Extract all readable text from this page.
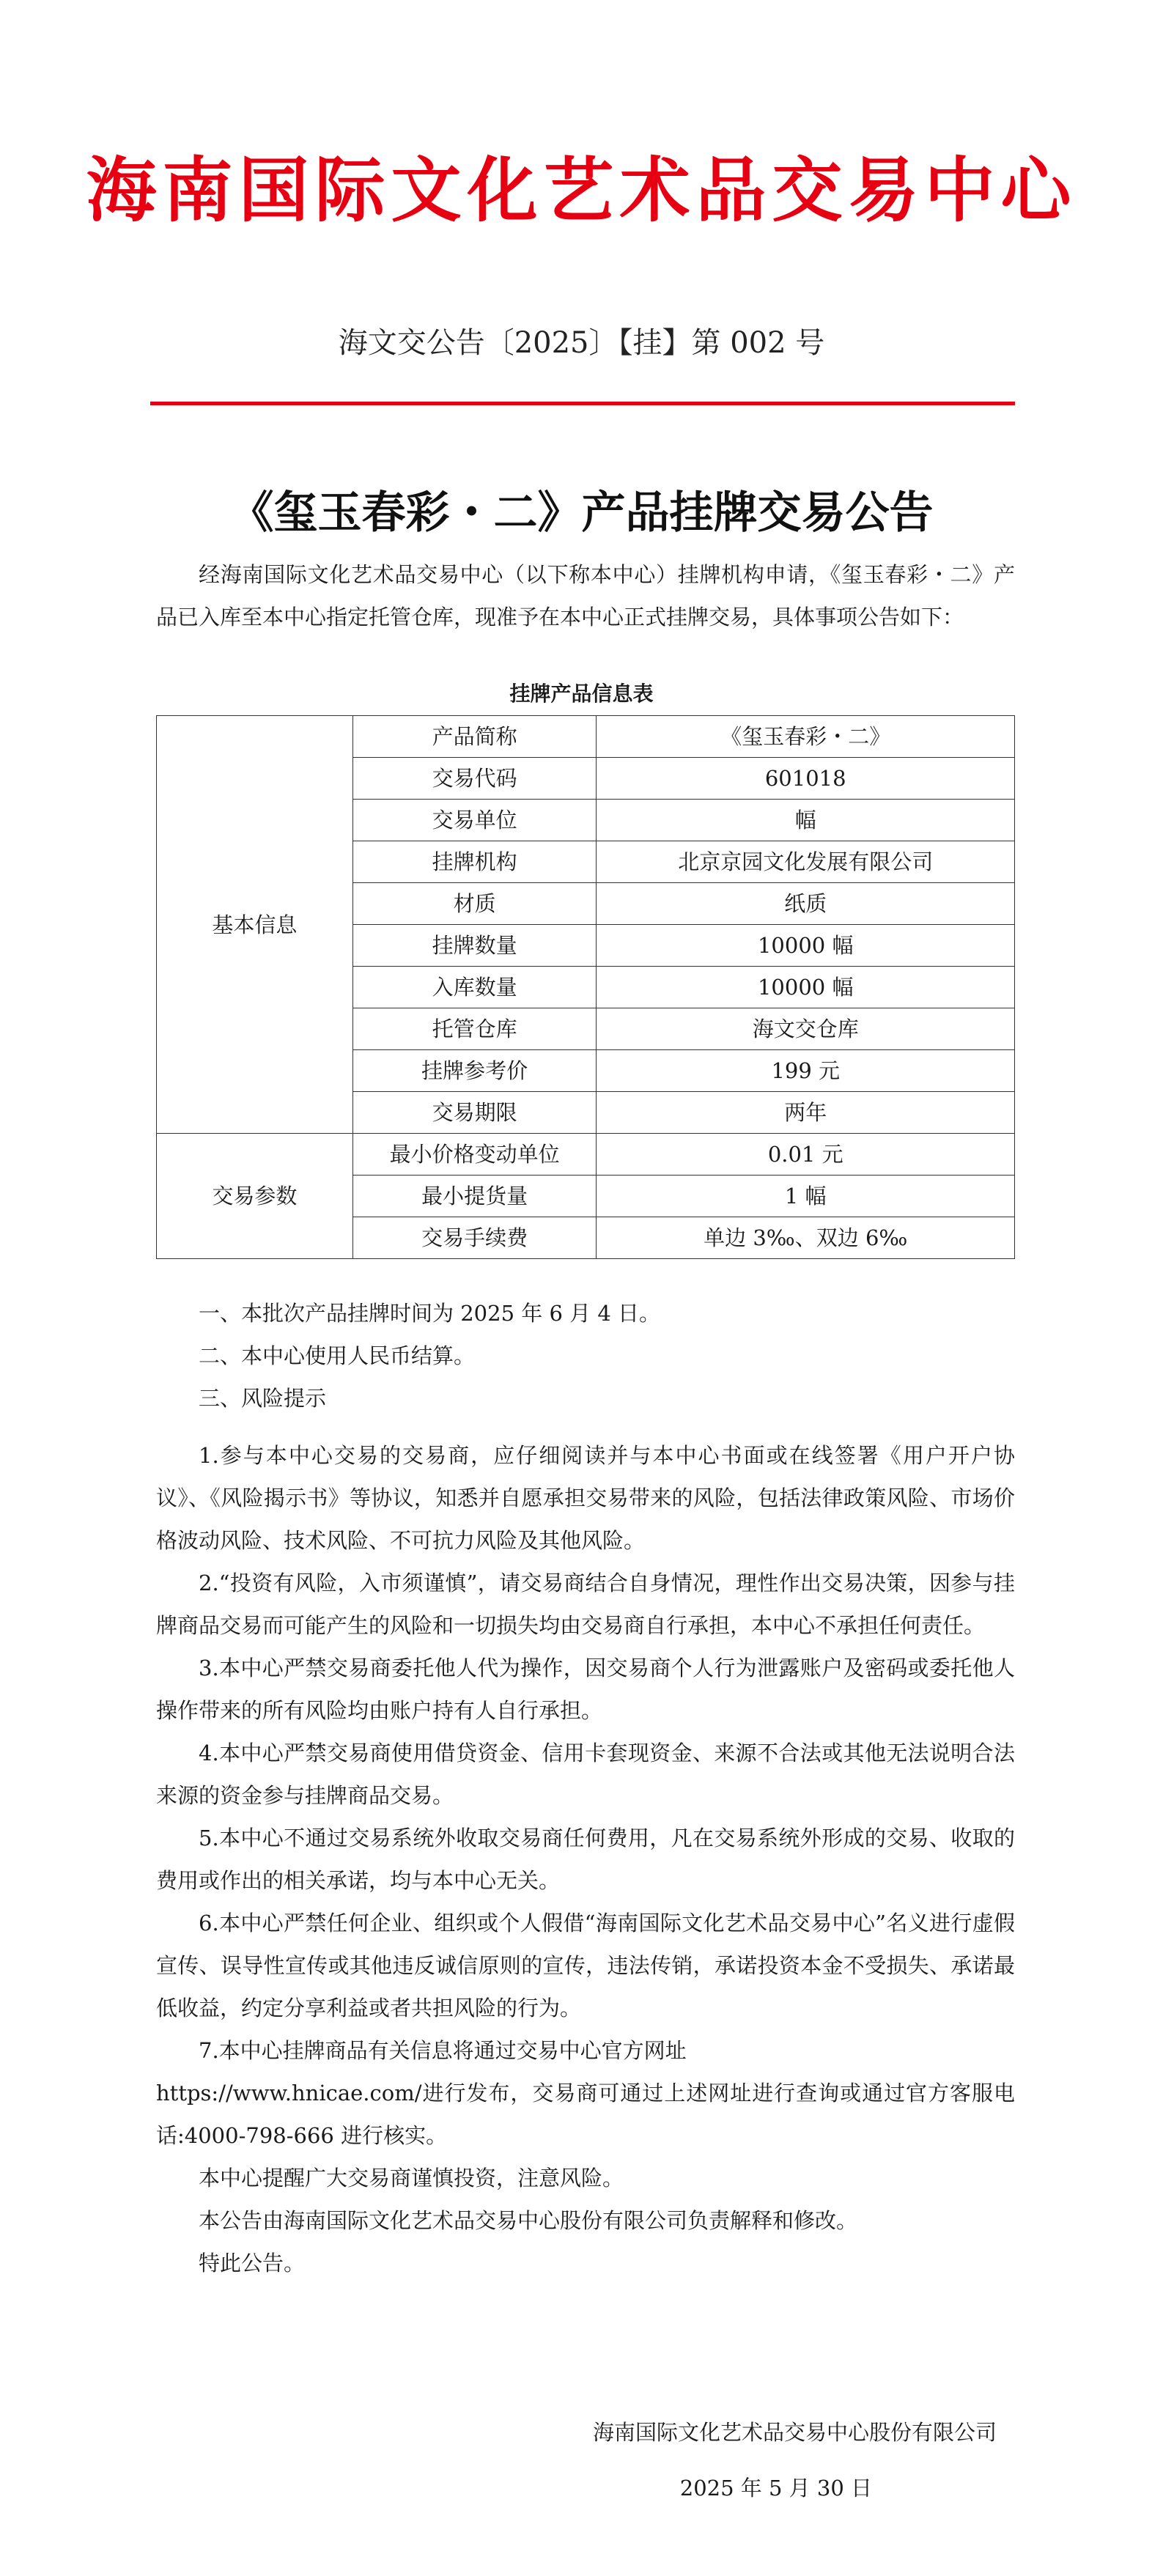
海南国际文化艺术品交易中心
海文交公告〔2025〕【挂】第 002 号
《玺玉春彩・二》产品挂牌交易公告

经海南国际文化艺术品交易中心（以下称本中心）挂牌机构申请，《玺玉春彩・二》产品已入库至本中心指定托管仓库，现准予在本中心正式挂牌交易，具体事项公告如下：

挂牌产品信息表
基本信息	产品简称	《玺玉春彩・二》
	交易代码	601018
	交易单位	幅
	挂牌机构	北京京园文化发展有限公司
	材质	纸质
	挂牌数量	10000 幅
	入库数量	10000 幅
	托管仓库	海文交仓库
	挂牌参考价	199 元
	交易期限	两年
交易参数	最小价格变动单位	0.01 元
	最小提货量	1 幅
	交易手续费	单边 3‰、双边 6‰

一、本批次产品挂牌时间为 2025 年 6 月 4 日。

二、本中心使用人民币结算。

三、风险提示

1.参与本中心交易的交易商，应仔细阅读并与本中心书面或在线签署《用户开户协议》、《风险揭示书》等协议，知悉并自愿承担交易带来的风险，包括法律政策风险、市场价格波动风险、技术风险、不可抗力风险及其他风险。

2.“投资有风险，入市须谨慎”，请交易商结合自身情况，理性作出交易决策，因参与挂牌商品交易而可能产生的风险和一切损失均由交易商自行承担，本中心不承担任何责任。

3.本中心严禁交易商委托他人代为操作，因交易商个人行为泄露账户及密码或委托他人操作带来的所有风险均由账户持有人自行承担。

4.本中心严禁交易商使用借贷资金、信用卡套现资金、来源不合法或其他无法说明合法来源的资金参与挂牌商品交易。

5.本中心不通过交易系统外收取交易商任何费用，凡在交易系统外形成的交易、收取的费用或作出的相关承诺，均与本中心无关。

6.本中心严禁任何企业、组织或个人假借“海南国际文化艺术品交易中心”名义进行虚假宣传、误导性宣传或其他违反诚信原则的宣传，违法传销，承诺投资本金不受损失、承诺最低收益，约定分享利益或者共担风险的行为。

7.本中心挂牌商品有关信息将通过交易中心官方网址

https://www.hnicae.com/进行发布，交易商可通过上述网址进行查询或通过官方客服电话:4000-798-666 进行核实。

本中心提醒广大交易商谨慎投资，注意风险。

本公告由海南国际文化艺术品交易中心股份有限公司负责解释和修改。

特此公告。

海南国际文化艺术品交易中心股份有限公司
2025 年 5 月 30 日
